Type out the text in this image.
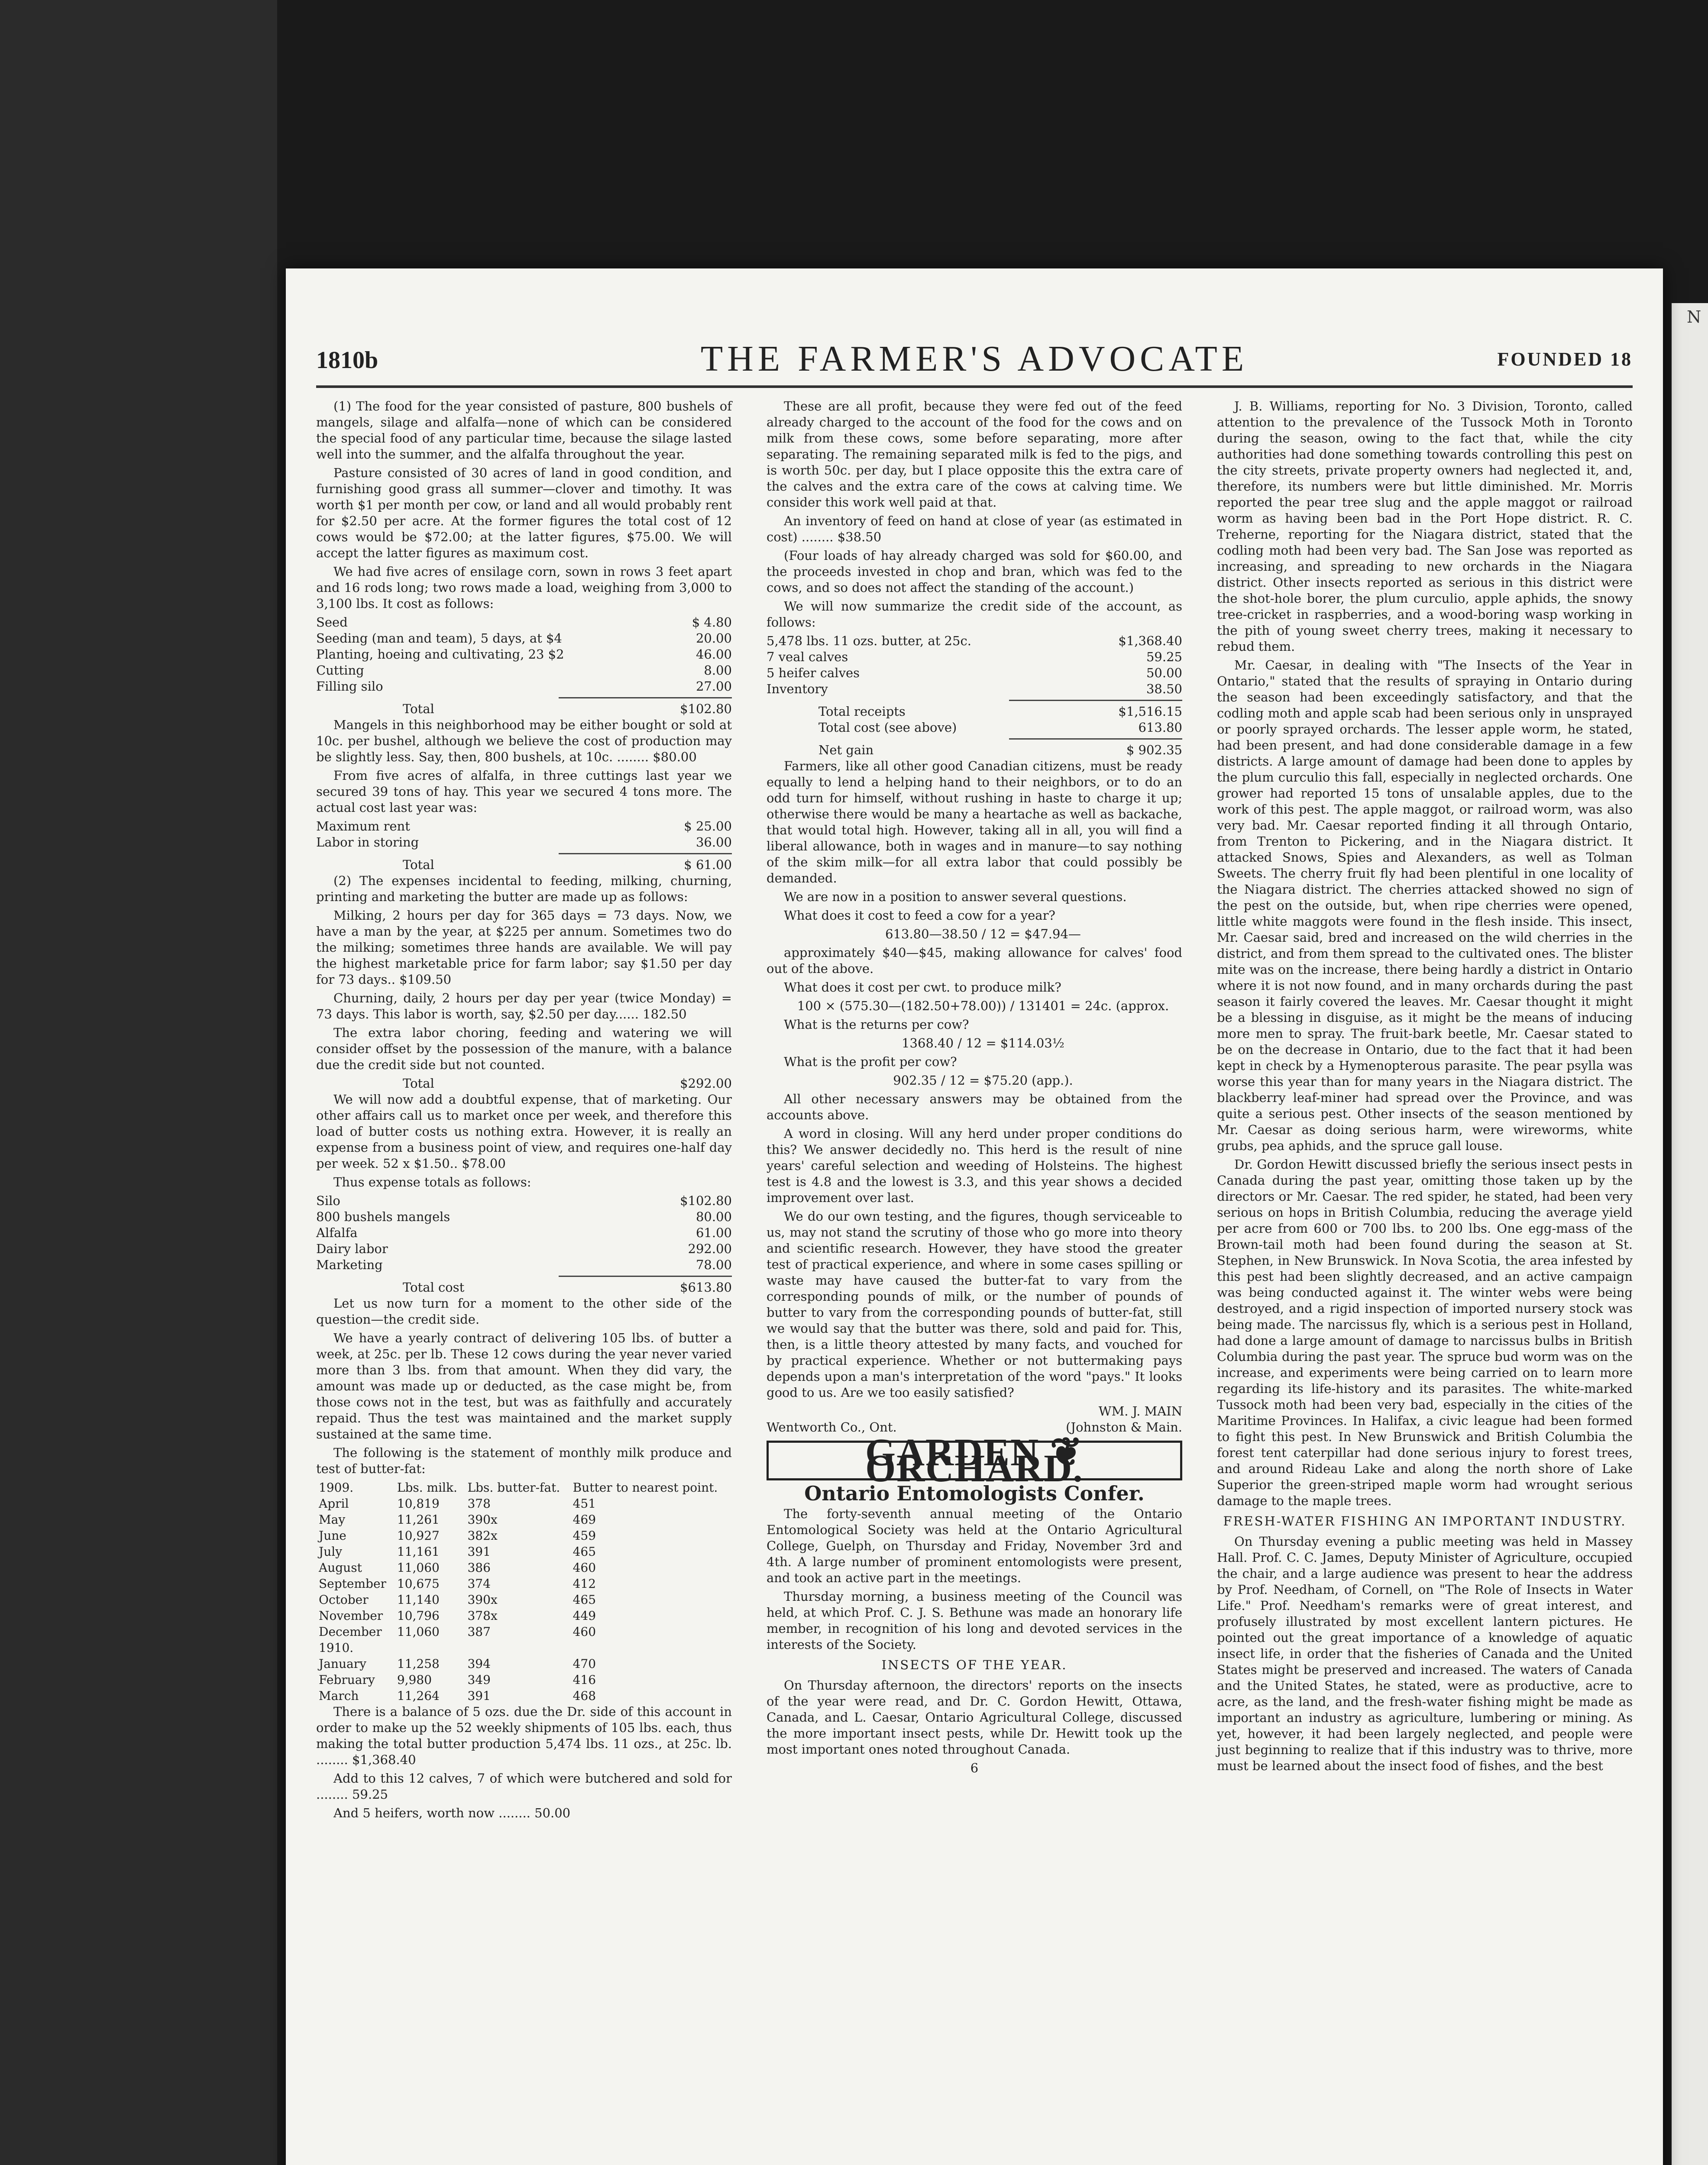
N
1810b	THE FARMER'S ADVOCATE	FOUNDED 18

(1) The food for the year consisted of pasture, 800 bushels of mangels, silage and alfalfa—none of which can be considered the special food of any particular time, because the silage lasted well into the summer, and the alfalfa throughout the year.

Pasture consisted of 30 acres of land in good condition, and furnishing good grass all summer—clover and timothy. It was worth $1 per month per cow, or land and all would probably rent for $2.50 per acre. At the former figures the total cost of 12 cows would be $72.00; at the latter figures, $75.00. We will accept the latter figures as maximum cost.

We had five acres of ensilage corn, sown in rows 3 feet apart and 16 rods long; two rows made a load, weighing from 3,000 to 3,100 lbs. It cost as follows:

Seed	$ 4.80
Seeding (man and team), 5 days, at $4	20.00
Planting, hoeing and cultivating, 23 $2	46.00
Cutting	8.00
Filling silo	27.00
Total	$102.80

Mangels in this neighborhood may be either bought or sold at 10c. per bushel, although we believe the cost of production may be slightly less. Say, then, 800 bushels, at 10c. ........ $80.00

From five acres of alfalfa, in three cuttings last year we secured 39 tons of hay. This year we secured 4 tons more. The actual cost last year was:

Maximum rent	$ 25.00
Labor in storing	36.00
Total	$ 61.00

(2) The expenses incidental to feeding, milking, churning, printing and marketing the butter are made up as follows:

Milking, 2 hours per day for 365 days = 73 days. Now, we have a man by the year, at $225 per annum. Sometimes two do the milking; sometimes three hands are available. We will pay the highest marketable price for farm labor; say $1.50 per day for 73 days.. $109.50

Churning, daily, 2 hours per day per year (twice Monday) = 73 days. This labor is worth, say, $2.50 per day...... 182.50

The extra labor choring, feeding and watering we will consider offset by the possession of the manure, with a balance due the credit side but not counted.

Total	$292.00

We will now add a doubtful expense, that of marketing. Our other affairs call us to market once per week, and therefore this load of butter costs us nothing extra. However, it is really an expense from a business point of view, and requires one-half day per week. 52 x $1.50.. $78.00

Thus expense totals as follows:

Silo	$102.80
800 bushels mangels	80.00
Alfalfa	61.00
Dairy labor	292.00
Marketing	78.00
Total cost	$613.80

Let us now turn for a moment to the other side of the question—the credit side.

We have a yearly contract of delivering 105 lbs. of butter a week, at 25c. per lb. These 12 cows during the year never varied more than 3 lbs. from that amount. When they did vary, the amount was made up or deducted, as the case might be, from those cows not in the test, but was as faithfully and accurately repaid. Thus the test was maintained and the market supply sustained at the same time.

The following is the statement of monthly milk produce and test of butter-fat:

1909.	Lbs. milk.	Lbs. butter-fat.	Butter to nearest point.
April	10,819	378	451
May	11,261	390x	469
June	10,927	382x	459
July	11,161	391	465
August	11,060	386	460
September	10,675	374	412
October	11,140	390x	465
November	10,796	378x	449
December	11,060	387	460
1910.			
January	11,258	394	470
February	9,980	349	416
March	11,264	391	468

There is a balance of 5 ozs. due the Dr. side of this account in order to make up the 52 weekly shipments of 105 lbs. each, thus making the total butter production 5,474 lbs. 11 ozs., at 25c. lb. ........ $1,368.40

Add to this 12 calves, 7 of which were butchered and sold for ........ 59.25

And 5 heifers, worth now ........ 50.00

These are all profit, because they were fed out of the feed already charged to the account of the food for the cows and on milk from these cows, some before separating, more after separating. The remaining separated milk is fed to the pigs, and is worth 50c. per day, but I place opposite this the extra care of the calves and the extra care of the cows at calving time. We consider this work well paid at that.

An inventory of feed on hand at close of year (as estimated in cost) ........ $38.50

(Four loads of hay already charged was sold for $60.00, and the proceeds invested in chop and bran, which was fed to the cows, and so does not affect the standing of the account.)

We will now summarize the credit side of the account, as follows:

5,478 lbs. 11 ozs. butter, at 25c.	$1,368.40
7 veal calves	59.25
5 heifer calves	50.00
Inventory	38.50
Total receipts	$1,516.15
Total cost (see above)	613.80
Net gain	$ 902.35

Farmers, like all other good Canadian citizens, must be ready equally to lend a helping hand to their neighbors, or to do an odd turn for himself, without rushing in haste to charge it up; otherwise there would be many a heartache as well as backache, that would total high. However, taking all in all, you will find a liberal allowance, both in wages and in manure—to say nothing of the skim milk—for all extra labor that could possibly be demanded.

We are now in a position to answer several questions.

What does it cost to feed a cow for a year?

613.80—38.50 / 12 = $47.94—

approximately $40—$45, making allowance for calves' food out of the above.

What does it cost per cwt. to produce milk?

100 × (575.30—(182.50+78.00)) / 131401 = 24c. (approx.

What is the returns per cow?

1368.40 / 12 = $114.03½

What is the profit per cow?

902.35 / 12 = $75.20 (app.).

All other necessary answers may be obtained from the accounts above.

A word in closing. Will any herd under proper conditions do this? We answer decidedly no. This herd is the result of nine years' careful selection and weeding of Holsteins. The highest test is 4.8 and the lowest is 3.3, and this year shows a decided improvement over last.

We do our own testing, and the figures, though serviceable to us, may not stand the scrutiny of those who go more into theory and scientific research. However, they have stood the greater test of practical experience, and where in some cases spilling or waste may have caused the butter-fat to vary from the corresponding pounds of milk, or the number of pounds of butter to vary from the corresponding pounds of butter-fat, still we would say that the butter was there, sold and paid for. This, then, is a little theory attested by many facts, and vouched for by practical experience. Whether or not buttermaking pays depends upon a man's interpretation of the word "pays." It looks good to us. Are we too easily satisfied?

WM. J. MAIN
Wentworth Co., Ont.	(Johnston & Main.
GARDEN ❦ ORCHARD.
Ontario Entomologists Confer.

The forty-seventh annual meeting of the Ontario Entomological Society was held at the Ontario Agricultural College, Guelph, on Thursday and Friday, November 3rd and 4th. A large number of prominent entomologists were present, and took an active part in the meetings.

Thursday morning, a business meeting of the Council was held, at which Prof. C. J. S. Bethune was made an honorary life member, in recognition of his long and devoted services in the interests of the Society.

INSECTS OF THE YEAR.

On Thursday afternoon, the directors' reports on the insects of the year were read, and Dr. C. Gordon Hewitt, Ottawa, Canada, and L. Caesar, Ontario Agricultural College, discussed the more important insect pests, while Dr. Hewitt took up the most important ones noted throughout Canada.

6

J. B. Williams, reporting for No. 3 Division, Toronto, called attention to the prevalence of the Tussock Moth in Toronto during the season, owing to the fact that, while the city authorities had done something towards controlling this pest on the city streets, private property owners had neglected it, and, therefore, its numbers were but little diminished. Mr. Morris reported the pear tree slug and the apple maggot or railroad worm as having been bad in the Port Hope district. R. C. Treherne, reporting for the Niagara district, stated that the codling moth had been very bad. The San Jose was reported as increasing, and spreading to new orchards in the Niagara district. Other insects reported as serious in this district were the shot-hole borer, the plum curculio, apple aphids, the snowy tree-cricket in raspberries, and a wood-boring wasp working in the pith of young sweet cherry trees, making it necessary to rebud them.

Mr. Caesar, in dealing with "The Insects of the Year in Ontario," stated that the results of spraying in Ontario during the season had been exceedingly satisfactory, and that the codling moth and apple scab had been serious only in unsprayed or poorly sprayed orchards. The lesser apple worm, he stated, had been present, and had done considerable damage in a few districts. A large amount of damage had been done to apples by the plum curculio this fall, especially in neglected orchards. One grower had reported 15 tons of unsalable apples, due to the work of this pest. The apple maggot, or railroad worm, was also very bad. Mr. Caesar reported finding it all through Ontario, from Trenton to Pickering, and in the Niagara district. It attacked Snows, Spies and Alexanders, as well as Tolman Sweets. The cherry fruit fly had been plentiful in one locality of the Niagara district. The cherries attacked showed no sign of the pest on the outside, but, when ripe cherries were opened, little white maggots were found in the flesh inside. This insect, Mr. Caesar said, bred and increased on the wild cherries in the district, and from them spread to the cultivated ones. The blister mite was on the increase, there being hardly a district in Ontario where it is not now found, and in many orchards during the past season it fairly covered the leaves. Mr. Caesar thought it might be a blessing in disguise, as it might be the means of inducing more men to spray. The fruit-bark beetle, Mr. Caesar stated to be on the decrease in Ontario, due to the fact that it had been kept in check by a Hymenopterous parasite. The pear psylla was worse this year than for many years in the Niagara district. The blackberry leaf-miner had spread over the Province, and was quite a serious pest. Other insects of the season mentioned by Mr. Caesar as doing serious harm, were wireworms, white grubs, pea aphids, and the spruce gall louse.

Dr. Gordon Hewitt discussed briefly the serious insect pests in Canada during the past year, omitting those taken up by the directors or Mr. Caesar. The red spider, he stated, had been very serious on hops in British Columbia, reducing the average yield per acre from 600 or 700 lbs. to 200 lbs. One egg-mass of the Brown-tail moth had been found during the season at St. Stephen, in New Brunswick. In Nova Scotia, the area infested by this pest had been slightly decreased, and an active campaign was being conducted against it. The winter webs were being destroyed, and a rigid inspection of imported nursery stock was being made. The narcissus fly, which is a serious pest in Holland, had done a large amount of damage to narcissus bulbs in British Columbia during the past year. The spruce bud worm was on the increase, and experiments were being carried on to learn more regarding its life-history and its parasites. The white-marked Tussock moth had been very bad, especially in the cities of the Maritime Provinces. In Halifax, a civic league had been formed to fight this pest. In New Brunswick and British Columbia the forest tent caterpillar had done serious injury to forest trees, and around Rideau Lake and along the north shore of Lake Superior the green-striped maple worm had wrought serious damage to the maple trees.

FRESH-WATER FISHING AN IMPORTANT INDUSTRY.

On Thursday evening a public meeting was held in Massey Hall. Prof. C. C. James, Deputy Minister of Agriculture, occupied the chair, and a large audience was present to hear the address by Prof. Needham, of Cornell, on "The Role of Insects in Water Life." Prof. Needham's remarks were of great interest, and profusely illustrated by most excellent lantern pictures. He pointed out the great importance of a knowledge of aquatic insect life, in order that the fisheries of Canada and the United States might be preserved and increased. The waters of Canada and the United States, he stated, were as productive, acre to acre, as the land, and the fresh-water fishing might be made as important an industry as agriculture, lumbering or mining. As yet, however, it had been largely neglected, and people were just beginning to realize that if this industry was to thrive, more must be learned about the insect food of fishes, and the best
